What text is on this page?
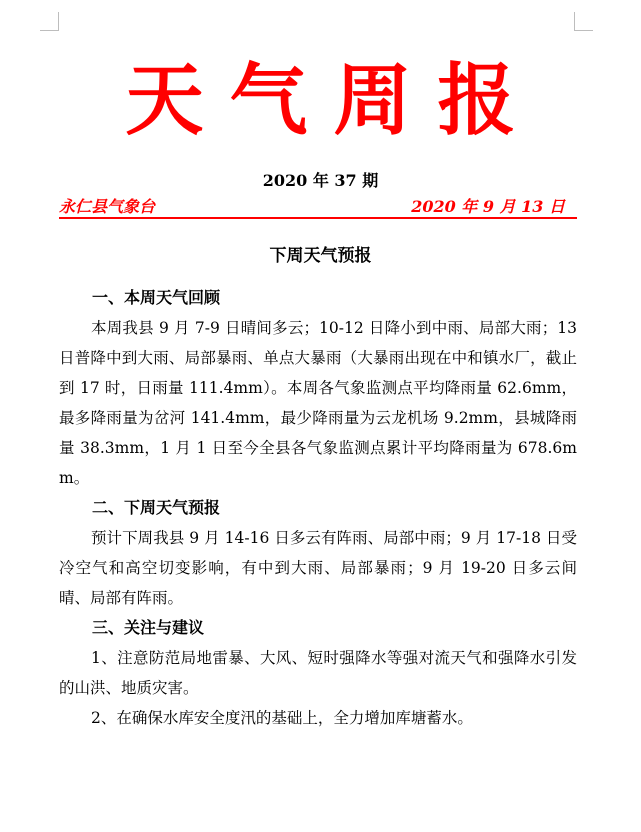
天气周报
2020 年 37 期
永仁县气象台	2020 年 9 月 13 日
下周天气预报
一、本周天气回顾

本周我县 9 月 7-9 日晴间多云；10-12 日降小到中雨、局部大雨；13 日普降中到大雨、局部暴雨、单点大暴雨（大暴雨出现在中和镇水厂，截止到 17 时，日雨量 111.4mm）。本周各气象监测点平均降雨量 62.6mm，最多降雨量为岔河 141.4mm，最少降雨量为云龙机场 9.2mm，县城降雨量 38.3mm，1 月 1 日至今全县各气象监测点累计平均降雨量为 678.6mm。

二、下周天气预报

预计下周我县 9 月 14-16 日多云有阵雨、局部中雨；9 月 17-18 日受冷空气和高空切变影响，有中到大雨、局部暴雨；9 月 19-20 日多云间晴、局部有阵雨。

三、关注与建议

1、注意防范局地雷暴、大风、短时强降水等强对流天气和强降水引发的山洪、地质灾害。

2、在确保水库安全度汛的基础上，全力增加库塘蓄水。
